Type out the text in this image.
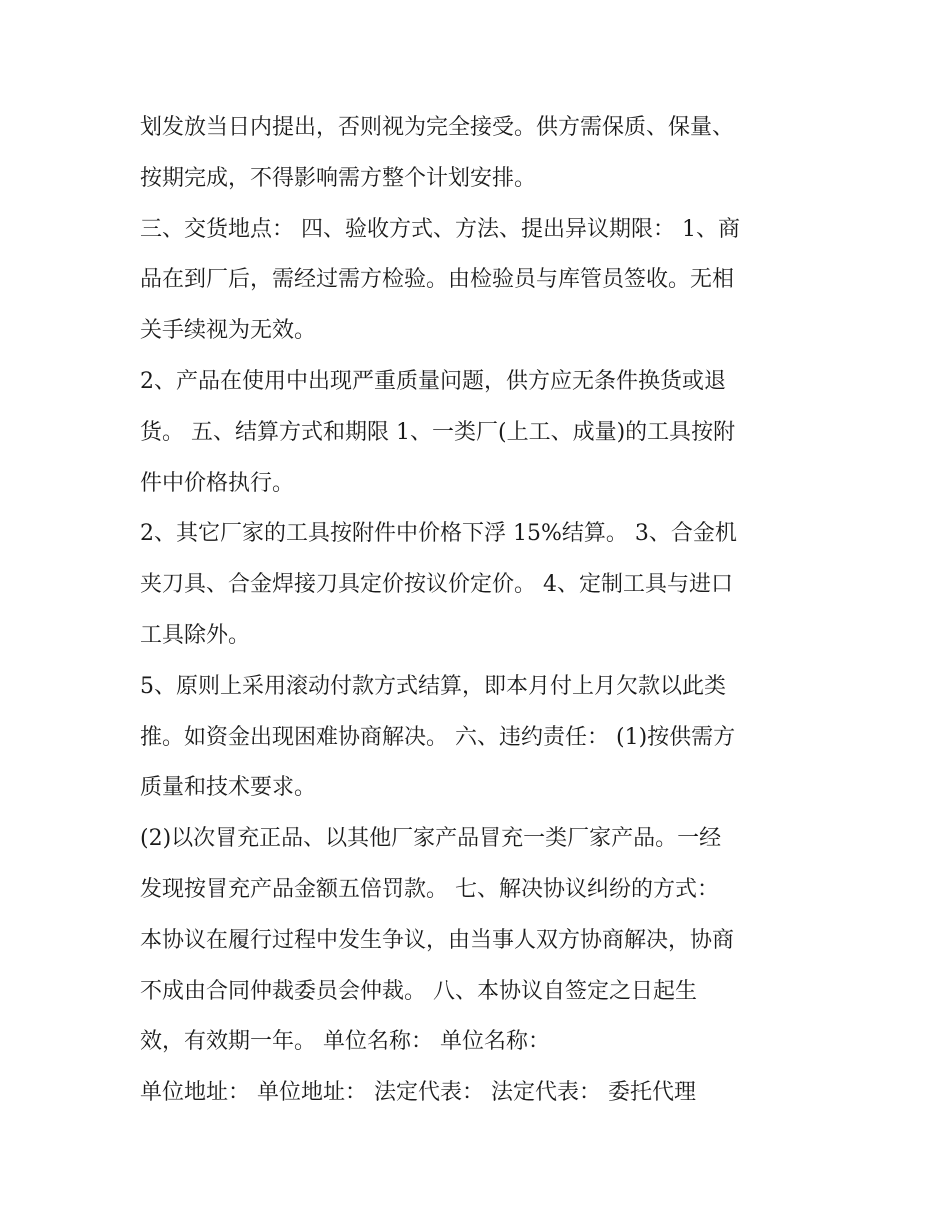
划发放当日内提出，否则视为完全接受。供方需保质、保量、
按期完成，不得影响需方整个计划安排。
三、交货地点： 四、验收方式、方法、提出异议期限： 1、商
品在到厂后，需经过需方检验。由检验员与库管员签收。无相
关手续视为无效。
2、产品在使用中出现严重质量问题，供方应无条件换货或退
货。 五、结算方式和期限 1、一类厂(上工、成量)的工具按附
件中价格执行。
2、其它厂家的工具按附件中价格下浮 15%结算。 3、合金机
夹刀具、合金焊接刀具定价按议价定价。 4、定制工具与进口
工具除外。
5、原则上采用滚动付款方式结算，即本月付上月欠款以此类
推。如资金出现困难协商解决。 六、违约责任： (1)按供需方
质量和技术要求。
(2)以次冒充正品、以其他厂家产品冒充一类厂家产品。一经
发现按冒充产品金额五倍罚款。 七、解决协议纠纷的方式：
本协议在履行过程中发生争议，由当事人双方协商解决，协商
不成由合同仲裁委员会仲裁。 八、本协议自签定之日起生
效，有效期一年。 单位名称： 单位名称：
单位地址： 单位地址： 法定代表： 法定代表： 委托代理
